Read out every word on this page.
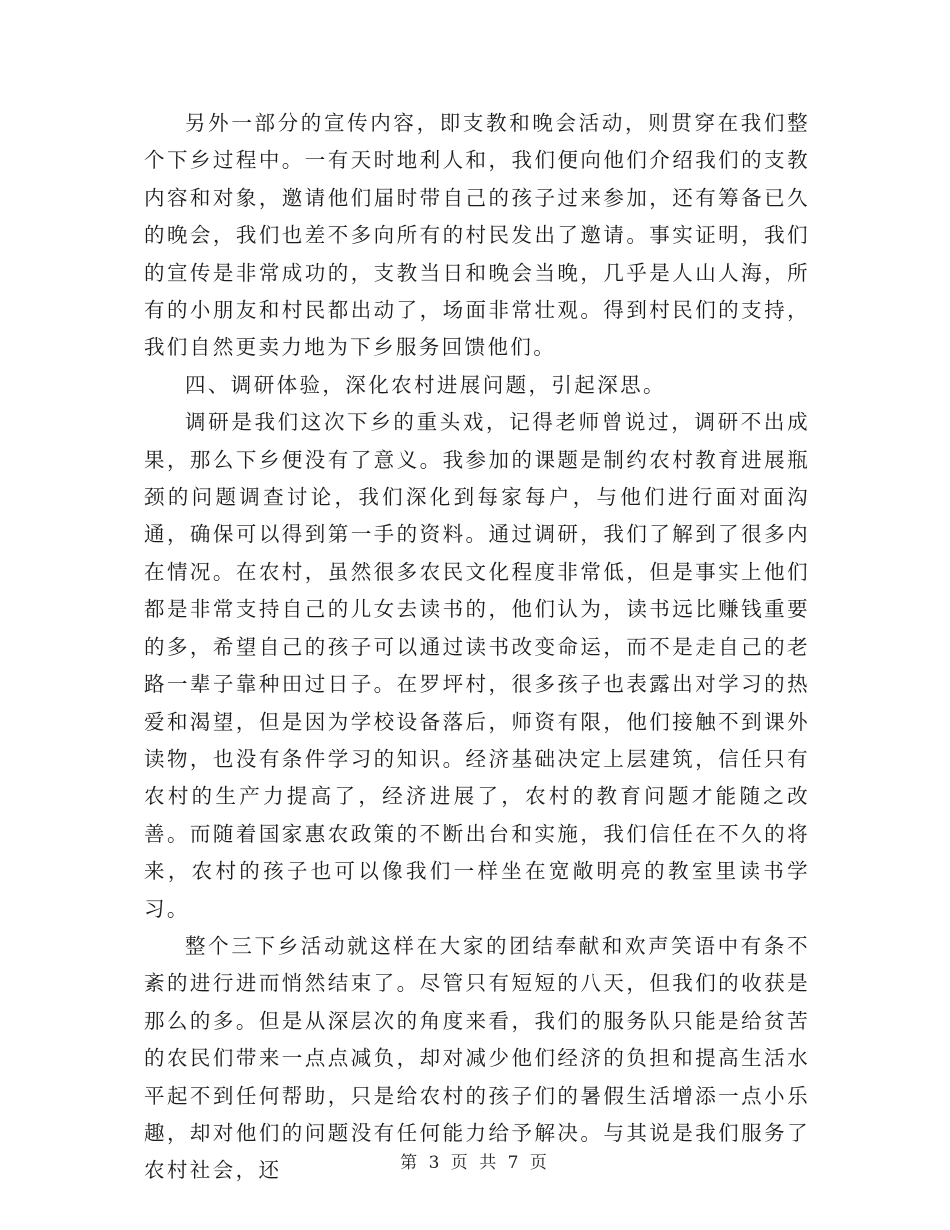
另外一部分的宣传内容，即支教和晚会活动，则贯穿在我们整个下乡过程中。一有天时地利人和，我们便向他们介绍我们的支教内容和对象，邀请他们届时带自己的孩子过来参加，还有筹备已久的晚会，我们也差不多向所有的村民发出了邀请。事实证明，我们的宣传是非常成功的，支教当日和晚会当晚，几乎是人山人海，所有的小朋友和村民都出动了，场面非常壮观。得到村民们的支持，我们自然更卖力地为下乡服务回馈他们。

四、调研体验，深化农村进展问题，引起深思。

调研是我们这次下乡的重头戏，记得老师曾说过，调研不出成果，那么下乡便没有了意义。我参加的课题是制约农村教育进展瓶颈的问题调查讨论，我们深化到每家每户，与他们进行面对面沟通，确保可以得到第一手的资料。通过调研，我们了解到了很多内在情况。在农村，虽然很多农民文化程度非常低，但是事实上他们都是非常支持自己的儿女去读书的，他们认为，读书远比赚钱重要的多，希望自己的孩子可以通过读书改变命运，而不是走自己的老路一辈子靠种田过日子。在罗坪村，很多孩子也表露出对学习的热爱和渴望，但是因为学校设备落后，师资有限，他们接触不到课外读物，也没有条件学习的知识。经济基础决定上层建筑，信任只有农村的生产力提高了，经济进展了，农村的教育问题才能随之改善。而随着国家惠农政策的不断出台和实施，我们信任在不久的将来，农村的孩子也可以像我们一样坐在宽敞明亮的教室里读书学习。

整个三下乡活动就这样在大家的团结奉献和欢声笑语中有条不紊的进行进而悄然结束了。尽管只有短短的八天，但我们的收获是那么的多。但是从深层次的角度来看，我们的服务队只能是给贫苦的农民们带来一点点减负，却对减少他们经济的负担和提高生活水平起不到任何帮助，只是给农村的孩子们的暑假生活增添一点小乐趣，却对他们的问题没有任何能力给予解决。与其说是我们服务了农村社会，还	第 3 页 共 7 页
